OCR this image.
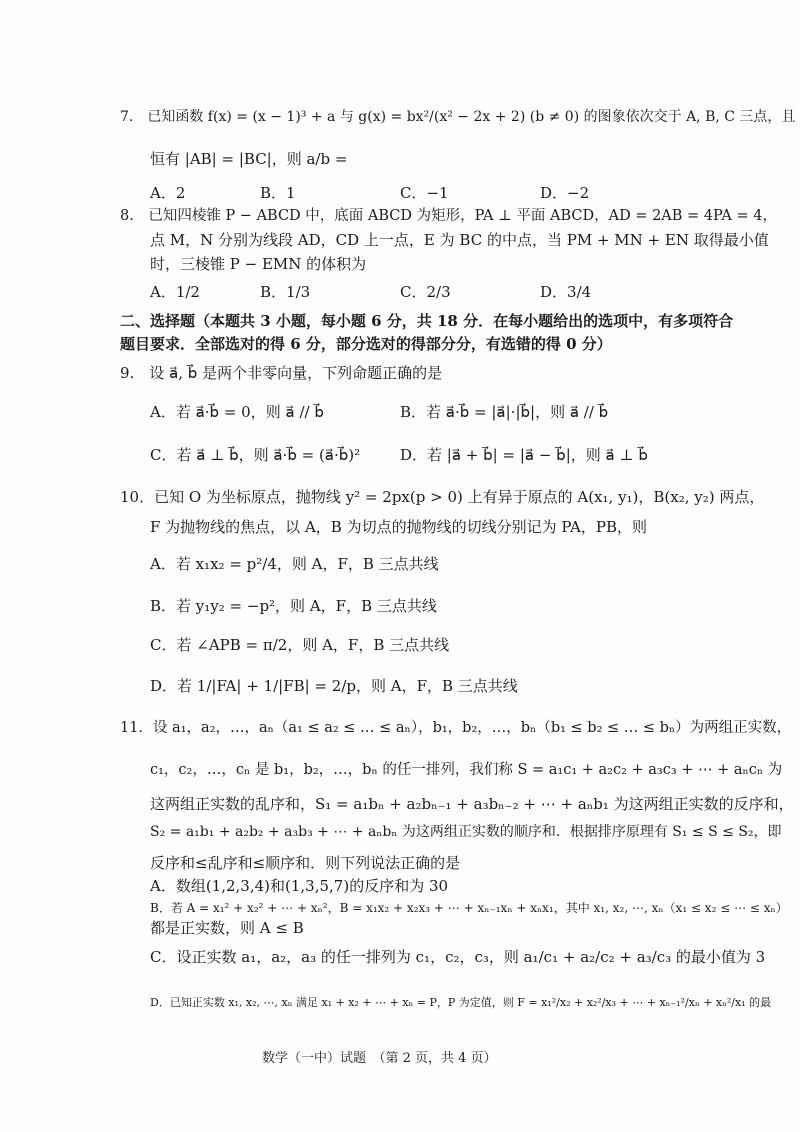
7.　已知函数 f(x) = (x − 1)³ + a 与 g(x) = bx²/(x² − 2x + 2) (b ≠ 0) 的图象依次交于 A, B, C 三点，且
恒有 |AB| = |BC|，则 a/b =
A．2	B．1	C．−1	D．−2
8.　已知四棱锥 P − ABCD 中，底面 ABCD 为矩形，PA ⊥ 平面 ABCD，AD = 2AB = 4PA = 4，
点 M，N 分别为线段 AD，CD 上一点，E 为 BC 的中点，当 PM + MN + EN 取得最小值
时，三棱锥 P − EMN 的体积为
A．1/2	B．1/3	C．2/3	D．3/4
二、选择题（本题共 3 小题，每小题 6 分，共 18 分．在每小题给出的选项中，有多项符合
题目要求．全部选对的得 6 分，部分选对的得部分分，有选错的得 0 分）
9.　设 a⃗, b⃗ 是两个非零向量，下列命题正确的是
A．若 a⃗·b⃗ = 0，则 a⃗ // b⃗	B．若 a⃗·b⃗ = |a⃗|·|b⃗|，则 a⃗ // b⃗
C．若 a⃗ ⊥ b⃗，则 a⃗·b⃗ = (a⃗·b⃗)²	D．若 |a⃗ + b⃗| = |a⃗ − b⃗|，则 a⃗ ⊥ b⃗
10．已知 O 为坐标原点，抛物线 y² = 2px(p > 0) 上有异于原点的 A(x₁, y₁)，B(x₂, y₂) 两点，
F 为抛物线的焦点，以 A，B 为切点的抛物线的切线分别记为 PA，PB，则
A．若 x₁x₂ = p²/4，则 A，F，B 三点共线
B．若 y₁y₂ = −p²，则 A，F，B 三点共线
C．若 ∠APB = π/2，则 A，F，B 三点共线
D．若 1/|FA| + 1/|FB| = 2/p，则 A，F，B 三点共线
11．设 a₁，a₂，…，aₙ（a₁ ≤ a₂ ≤ … ≤ aₙ），b₁，b₂，…，bₙ（b₁ ≤ b₂ ≤ … ≤ bₙ）为两组正实数，
c₁，c₂，…，cₙ 是 b₁，b₂，…，bₙ 的任一排列，我们称 S = a₁c₁ + a₂c₂ + a₃c₃ + ⋯ + aₙcₙ 为
这两组正实数的乱序和，S₁ = a₁bₙ + a₂bₙ₋₁ + a₃bₙ₋₂ + ⋯ + aₙb₁ 为这两组正实数的反序和，
S₂ = a₁b₁ + a₂b₂ + a₃b₃ + ⋯ + aₙbₙ 为这两组正实数的顺序和．根据排序原理有 S₁ ≤ S ≤ S₂，即
反序和≤乱序和≤顺序和．则下列说法正确的是
A．数组(1,2,3,4)和(1,3,5,7)的反序和为 30
B．若 A = x₁² + x₂² + ⋯ + xₙ²，B = x₁x₂ + x₂x₃ + ⋯ + xₙ₋₁xₙ + xₙx₁，其中 x₁, x₂, ⋯, xₙ（x₁ ≤ x₂ ≤ ⋯ ≤ xₙ）
都是正实数，则 A ≤ B
C．设正实数 a₁，a₂，a₃ 的任一排列为 c₁，c₂，c₃，则 a₁/c₁ + a₂/c₂ + a₃/c₃ 的最小值为 3
D．已知正实数 x₁, x₂, ⋯, xₙ 满足 x₁ + x₂ + ⋯ + xₙ = P，P 为定值，则 F = x₁²/x₂ + x₂²/x₃ + ⋯ + xₙ₋₁²/xₙ + xₙ²/x₁ 的最
数学（一中）试题　（第 2 页，共 4 页）
